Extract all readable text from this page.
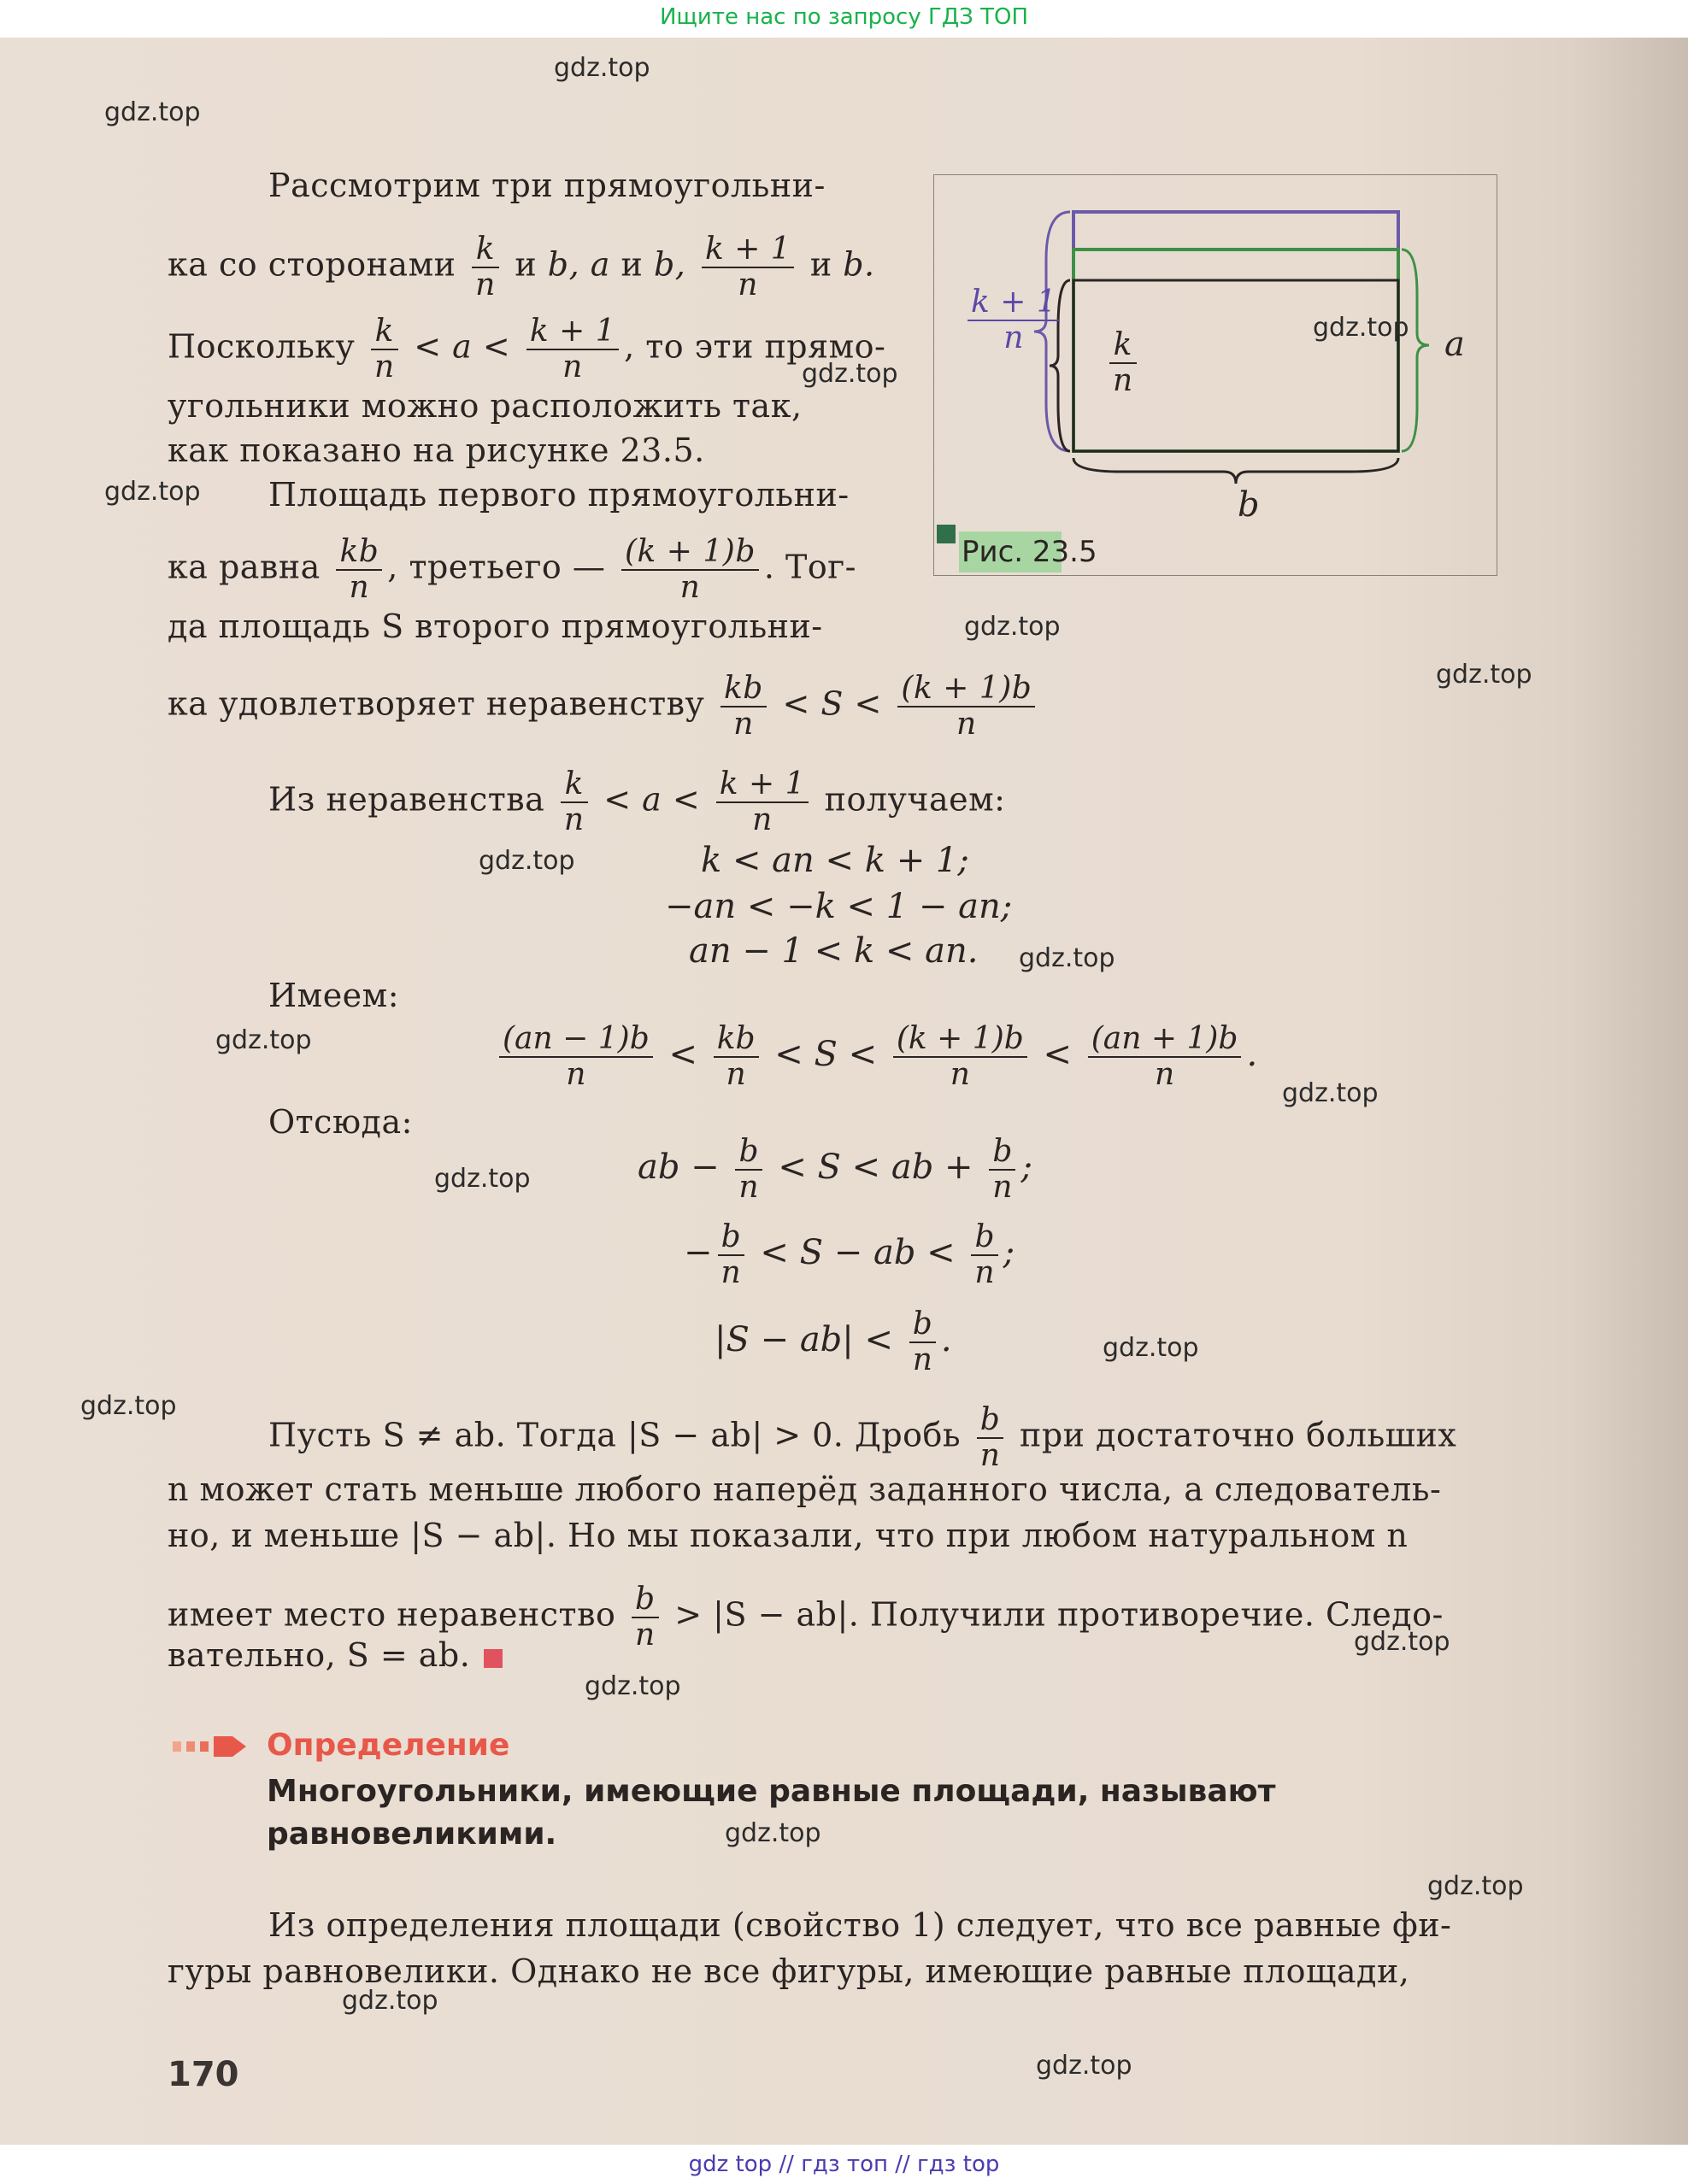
Ищите нас по запросу ГДЗ ТОП
$\frac{k + 1}{n}$
$\frac{k}{n}$	a
b
Рис. 23.5
Рассмотрим три прямоугольни-
ка со сторонами $\frac{k}{n}$ и b, a и b, $\frac{k + 1}{n}$ и b.
Поскольку $\frac{k}{n} < a < \frac{k + 1}{n}$ , то эти прямо-
угольники можно расположить так,
как показано на рисунке 23.5.
Площадь первого прямоугольни-
ка равна $\frac{kb}{n}$ , третьего — $\frac{(k + 1)b}{n}$ . Тог-
да площадь S второго прямоугольни-
ка удовлетворяет неравенству $\frac{kb}{n} < S < \frac{(k + 1)b}{n}$
Из неравенства $\frac{k}{n} < a < \frac{k + 1}{n}$ получаем:
k < an < k + 1;
−an < −k < 1 − an;
an − 1 < k < an.
Имеем:
$\frac{(an - 1)b}{n} < \frac{kb}{n} < S < \frac{(k + 1)b}{n} < \frac{(an + 1)b}{n}$ .
Отсюда:
ab − $\frac{b}{n} < S$ < ab + $\frac{b}{n}$ ;
− $\frac{b}{n} < S$ − ab < $\frac{b}{n}$ ;
$|S - ab| < \frac{b}{n}$ .
Пусть S ≠ ab. Тогда |S − ab| > 0. Дробь $\frac{b}{n}$ при достаточно больших
n может стать меньше любого наперёд заданного числа, а следователь-
но, и меньше |S − ab|. Но мы показали, что при любом натуральном n
имеет место неравенство $\frac{b}{n} > |S - ab|$. Получили противоречие. Следо-
вательно, S = ab.
Определение
Многоугольники, имеющие равные площади, называют равновеликими.
Из определения площади (свойство 1) следует, что все равные фи-
гуры равновелики. Однако не все фигуры, имеющие равные площади,
170
gdz.top
gdz.top
gdz.top
gdz.top
gdz.top
gdz.top
gdz.top
gdz.top
gdz.top
gdz.top
gdz.top
gdz.top
gdz.top
gdz.top
gdz.top
gdz.top
gdz.top
gdz.top
gdz.top
gdz.top
gdz top // гдз топ // гдз top
